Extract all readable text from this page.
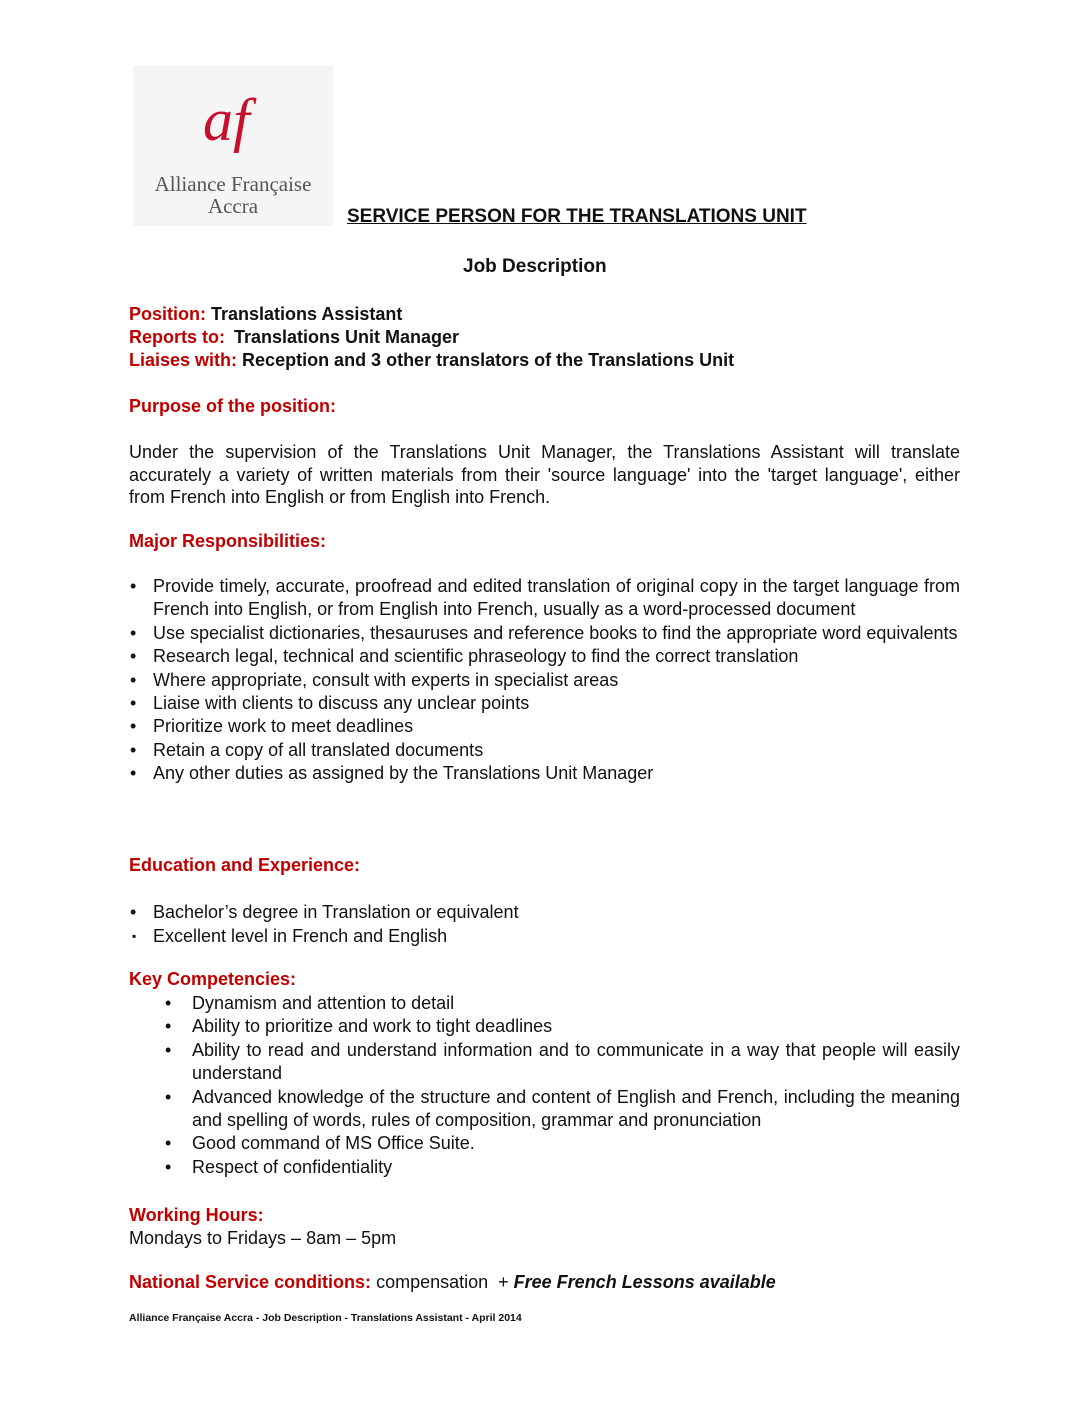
af
Alliance Française
Accra	SERVICE PERSON FOR THE TRANSLATIONS UNIT
Job Description
Position: Translations Assistant
Reports to: Translations Unit Manager
Liaises with: Reception and 3 other translators of the Translations Unit
Purpose of the position:
Under the supervision of the Translations Unit Manager, the Translations Assistant will translate accurately a variety of written materials from their 'source language' into the 'target language', either from French into English or from English into French.
Major Responsibilities:
• Provide timely, accurate, proofread and edited translation of original copy in the target language from French into English, or from English into French, usually as a word-processed document
• Use specialist dictionaries, thesauruses and reference books to find the appropriate word equivalents
• Research legal, technical and scientific phraseology to find the correct translation
• Where appropriate, consult with experts in specialist areas
• Liaise with clients to discuss any unclear points
• Prioritize work to meet deadlines
• Retain a copy of all translated documents
• Any other duties as assigned by the Translations Unit Manager
Education and Experience:
• Bachelor’s degree in Translation or equivalent
▪ Excellent level in French and English
Key Competencies:
• Dynamism and attention to detail
• Ability to prioritize and work to tight deadlines
• Ability to read and understand information and to communicate in a way that people will easily understand
• Advanced knowledge of the structure and content of English and French, including the meaning and spelling of words, rules of composition, grammar and pronunciation
• Good command of MS Office Suite.
• Respect of confidentiality
Working Hours:
Mondays to Fridays – 8am – 5pm
National Service conditions: compensation  + Free French Lessons available
Alliance Française Accra - Job Description - Translations Assistant - April 2014
